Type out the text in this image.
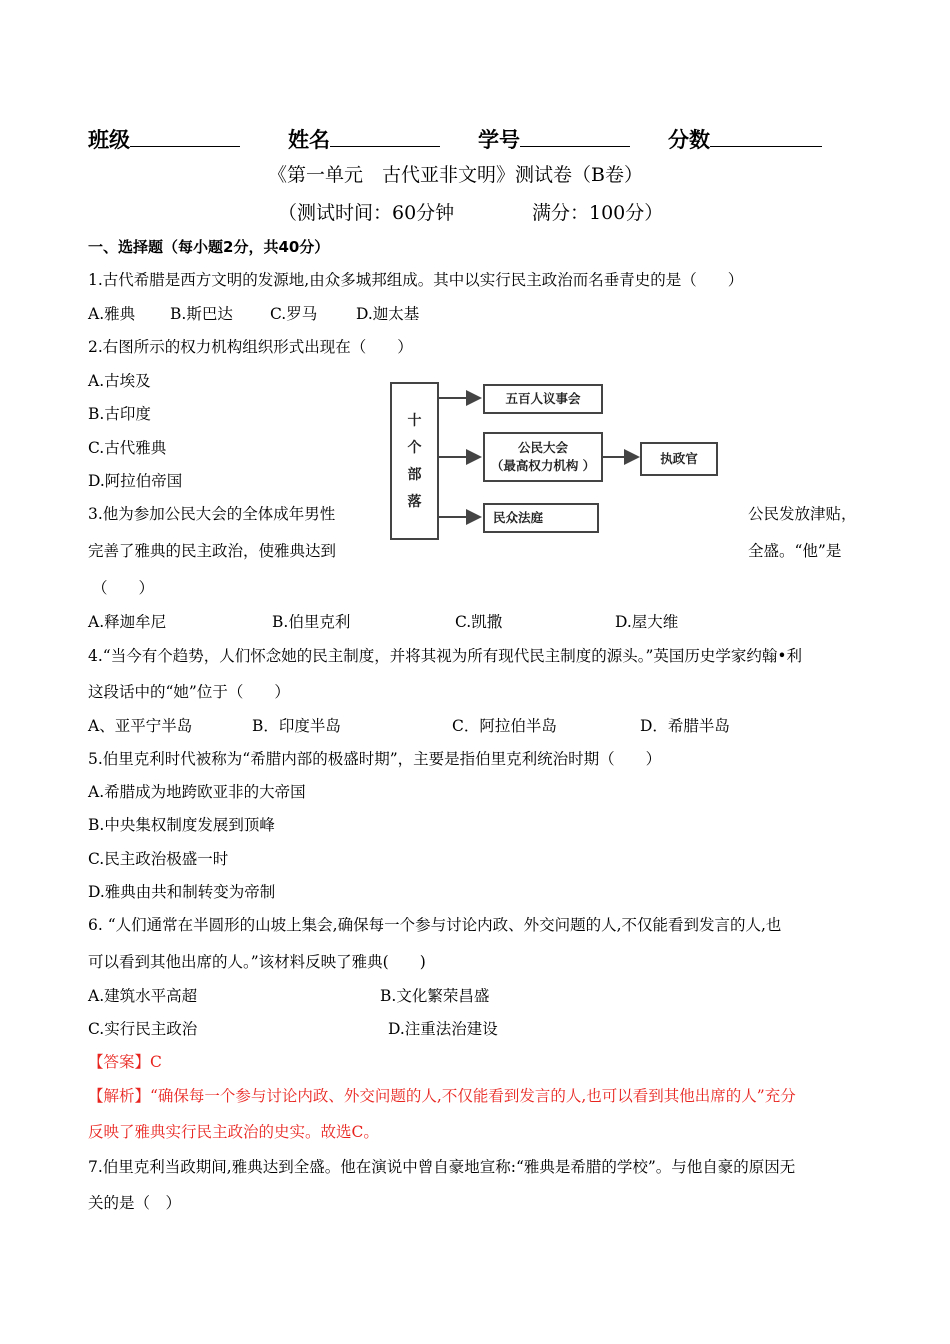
班级	姓名	学号	分数
《第一单元　古代亚非文明》测试卷（B卷）
（测试时间：60分钟	满分：100分）
一、选择题（每小题2分，共40分）
1.古代希腊是西方文明的发源地,由众多城邦组成。其中以实行民主政治而名垂青史的是（　　）
A.雅典 B.斯巴达 C.罗马	D.迦太基
2.右图所示的权力机构组织形式出现在（　　）
A.古埃及
B.古印度
C.古代雅典
D.阿拉伯帝国
十
个
部
落
五百人议事会
公民大会
（最高权力机构 ）	执政官
民众法庭
3.他为参加公民大会的全体成年男性	公民发放津贴，
完善了雅典的民主政治，使雅典达到	全盛。“他”是
（　　）
A.释迦牟尼	B.伯里克利	C.凯撒	D.屋大维
4.“当今有个趋势，人们怀念她的民主制度，并将其视为所有现代民主制度的源头。”英国历史学家约翰•利
这段话中的“她”位于（　　）
A、亚平宁半岛	B．印度半岛	C．阿拉伯半岛	D．希腊半岛
5.伯里克利时代被称为“希腊内部的极盛时期”，主要是指伯里克利统治时期（　　）
A.希腊成为地跨欧亚非的大帝国
B.中央集权制度发展到顶峰
C.民主政治极盛一时
D.雅典由共和制转变为帝制
6. “人们通常在半圆形的山坡上集会,确保每一个参与讨论内政、外交问题的人,不仅能看到发言的人,也
可以看到其他出席的人。”该材料反映了雅典(　　)
A.建筑水平高超	B.文化繁荣昌盛
C.实行民主政治	D.注重法治建设
【答案】C
【解析】“确保每一个参与讨论内政、外交问题的人,不仅能看到发言的人,也可以看到其他出席的人”充分
反映了雅典实行民主政治的史实。故选C。
7.伯里克利当政期间,雅典达到全盛。他在演说中曾自豪地宣称:“雅典是希腊的学校”。与他自豪的原因无
关的是（　）
